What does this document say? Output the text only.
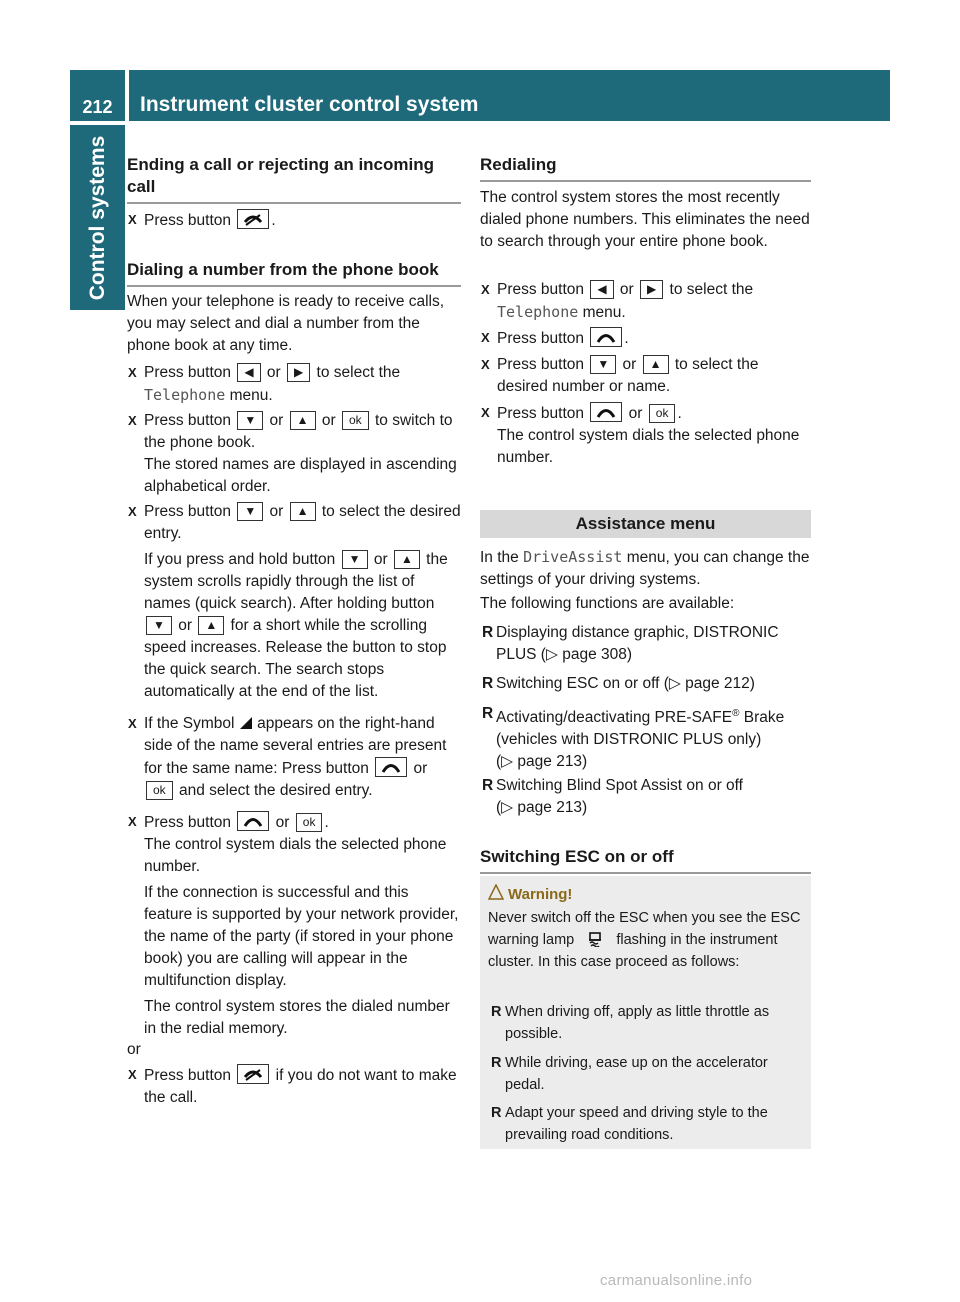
212	Instrument cluster control system
Control systems Ending a call or rejecting an incoming call
X Press button	.
Dialing a number from the phone book
When your telephone is ready to receive calls, you may select and dial a number from the phone book at any time.
X Press button ◀ or ▶ to select the Telephone menu.
X Press button ▼ or ▲ or ok to switch to the phone book.
The stored names are displayed in ascending alphabetical order.
X Press button ▼ or ▲ to select the desired entry.
If you press and hold button ▼ or ▲ the system scrolls rapidly through the list of names (quick search). After holding button ▼ or ▲ for a short while the scrolling speed increases. Release the button to stop the quick search. The search stops automatically at the end of the list.
X If the Symbol appears on the right-hand side of the name several entries are present for the same name: Press button	or ok and select the desired entry.
X Press button	or ok .
The control system dials the selected phone number.
If the connection is successful and this feature is supported by your network provider, the name of the party (if stored in your phone book) you are calling will appear in the multifunction display.
The control system stores the dialed number in the redial memory.
or
X Press button	if you do not want to make the call.
Redialing
The control system stores the most recently dialed phone numbers. This eliminates the need to search through your entire phone book.
X Press button ◀ or ▶ to select the Telephone menu.
X Press button	.
X Press button ▼ or ▲ to select the desired number or name.
X Press button	or ok .
The control system dials the selected phone number.
Assistance menu
In the DriveAssist menu, you can change the settings of your driving systems.
The following functions are available:
R Displaying distance graphic, DISTRONIC PLUS (▷ page 308)
R Switching ESC on or off (▷ page 212)
R Activating/deactivating PRE-SAFE® Brake (vehicles with DISTRONIC PLUS only)
(▷ page 213)
R Switching Blind Spot Assist on or off
(▷ page 213)
Switching ESC on or off
Warning!
Never switch off the ESC when you see the ESC warning lamp	flashing in the instrument cluster. In this case proceed as follows:
R When driving off, apply as little throttle as possible.
R While driving, ease up on the accelerator pedal.
R Adapt your speed and driving style to the prevailing road conditions.
carmanualsonline.info
